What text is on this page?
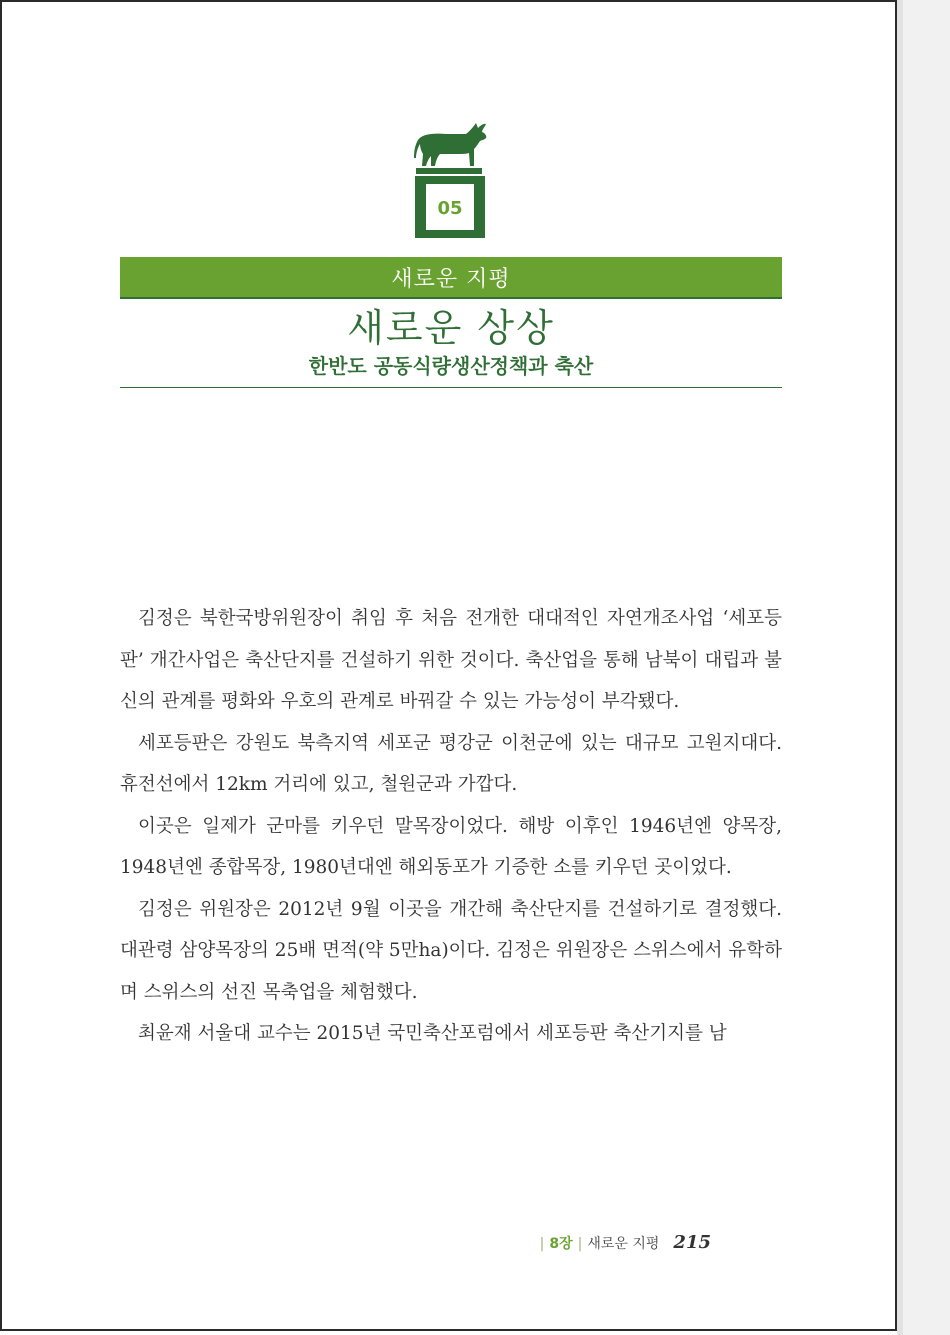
05
새로운 지평
새로운 상상
한반도 공동식량생산정책과 축산

김정은 북한국방위원장이 취임 후 처음 전개한 대대적인 자연개조사업 ‘세포등판’ 개간사업은 축산단지를 건설하기 위한 것이다. 축산업을 통해 남북이 대립과 불신의 관계를 평화와 우호의 관계로 바꿔갈 수 있는 가능성이 부각됐다.

세포등판은 강원도 북측지역 세포군 평강군 이천군에 있는 대규모 고원지대다. 휴전선에서 12km 거리에 있고, 철원군과 가깝다.

이곳은 일제가 군마를 키우던 말목장이었다. 해방 이후인 1946년엔 양목장, 1948년엔 종합목장, 1980년대엔 해외동포가 기증한 소를 키우던 곳이었다.

김정은 위원장은 2012년 9월 이곳을 개간해 축산단지를 건설하기로 결정했다. 대관령 삼양목장의 25배 면적(약 5만ha)이다. 김정은 위원장은 스위스에서 유학하며 스위스의 선진 목축업을 체험했다.

최윤재 서울대 교수는 2015년 국민축산포럼에서 세포등판 축산기지를 남

| 8장 | 새로운 지평 215
